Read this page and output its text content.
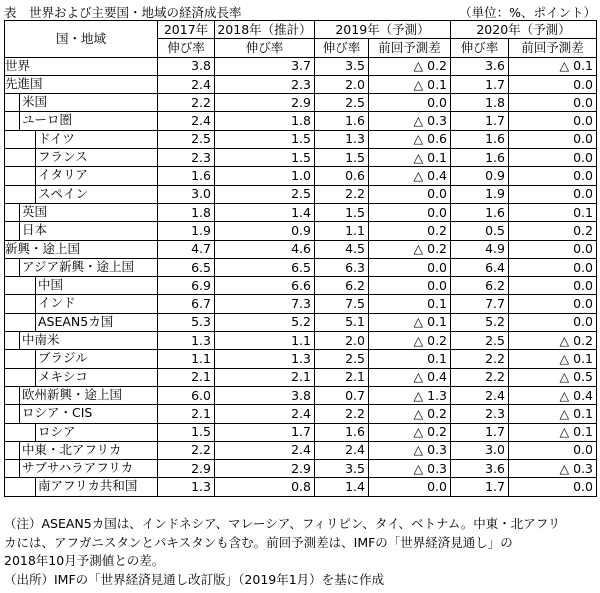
表　世界および主要国・地域の経済成長率	（単位：%、ポイント）
国・地域	2017年	2018年（推計）	2019年（予測）		2020年（予測）	
	伸び率	伸び率	伸び率	前回予測差	伸び率	前回予測差

世界	3.8	3.7	3.5	△ 0.2	3.6	△ 0.1

先進国	2.4	2.3	2.0	△ 0.1	1.7	0.0

米国	2.2	2.9	2.5	0.0	1.8	0.0

ユーロ圏	2.4	1.8	1.6	△ 0.3	1.7	0.0

ドイツ	2.5	1.5	1.3	△ 0.6	1.6	0.0

フランス	2.3	1.5	1.5	△ 0.1	1.6	0.0

イタリア	1.6	1.0	0.6	△ 0.4	0.9	0.0

スペイン	3.0	2.5	2.2	0.0	1.9	0.0

英国	1.8	1.4	1.5	0.0	1.6	0.1

日本	1.9	0.9	1.1	0.2	0.5	0.2

新興・途上国	4.7	4.6	4.5	△ 0.2	4.9	0.0

アジア新興・途上国	6.5	6.5	6.3	0.0	6.4	0.0

中国	6.9	6.6	6.2	0.0	6.2	0.0

インド	6.7	7.3	7.5	0.1	7.7	0.0

ASEAN5カ国	5.3	5.2	5.1	△ 0.1	5.2	0.0

中南米	1.3	1.1	2.0	△ 0.2	2.5	△ 0.2

ブラジル	1.1	1.3	2.5	0.1	2.2	△ 0.1

メキシコ	2.1	2.1	2.1	△ 0.4	2.2	△ 0.5

欧州新興・途上国	6.0	3.8	0.7	△ 1.3	2.4	△ 0.4

ロシア・CIS	2.1	2.4	2.2	△ 0.2	2.3	△ 0.1

ロシア	1.5	1.7	1.6	△ 0.2	1.7	△ 0.1

中東・北アフリカ	2.2	2.4	2.4	△ 0.3	3.0	0.0

サブサハラアフリカ	2.9	2.9	3.5	△ 0.3	3.6	△ 0.3

南アフリカ共和国	1.3	0.8	1.4	0.0	1.7	0.0
（注）ASEAN5カ国は、インドネシア、マレーシア、フィリピン、タイ、ベトナム。中東・北アフリ
カには、アフガニスタンとパキスタンも含む。前回予測差は、IMFの「世界経済見通し」の
2018年10月予測値との差。
（出所）IMFの「世界経済見通し改訂版」（2019年1月）を基に作成
